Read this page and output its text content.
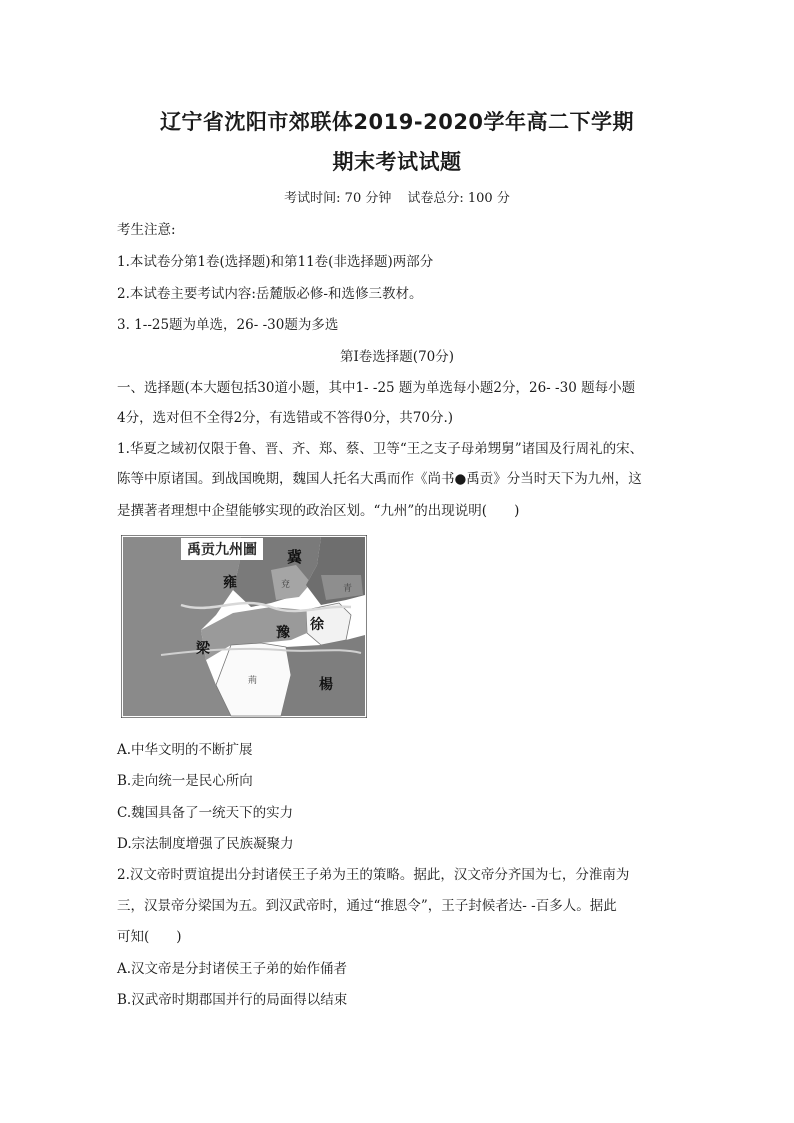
辽宁省沈阳市郊联体2019-2020学年高二下学期
期末考试试题
考试时间: 70 分钟 试卷总分: 100 分
考生注意:
1.本试卷分第1卷(选择题)和第11卷(非选择题)两部分
2.本试卷主要考试内容:岳麓版必修-和选修三教材。
3. 1--25题为单选，26- -30题为多选
第I卷选择题(70分)
一、选择题(本大题包括30道小题，其中1- -25 题为单选每小题2分，26- -30 题每小题
4分，选对但不全得2分，有选错或不答得0分，共70分.)
1.华夏之域初仅限于鲁、晋、齐、郑、蔡、卫等“王之支子母弟甥舅”诸国及行周礼的宋、
陈等中原诸国。到战国晚期，魏国人托名大禹而作《尚书●禹贡》分当时天下为九州，这
是撰著者理想中企望能够实现的政治区划。“九州”的出现说明(　　)
禹贡九州圖
雍
冀
徐
豫
梁
楊
荊
兗	青
A.中华文明的不断扩展
B.走向统一是民心所向
C.魏国具备了一统天下的实力
D.宗法制度增强了民族凝聚力
2.汉文帝时贾谊提出分封诸侯王子弟为王的策略。据此，汉文帝分齐国为七，分淮南为
三，汉景帝分梁国为五。到汉武帝时，通过“推恩令”，王子封候者达- -百多人。据此
可知(　　)
A.汉文帝是分封诸侯王子弟的始作俑者
B.汉武帝时期郡国并行的局面得以结束
